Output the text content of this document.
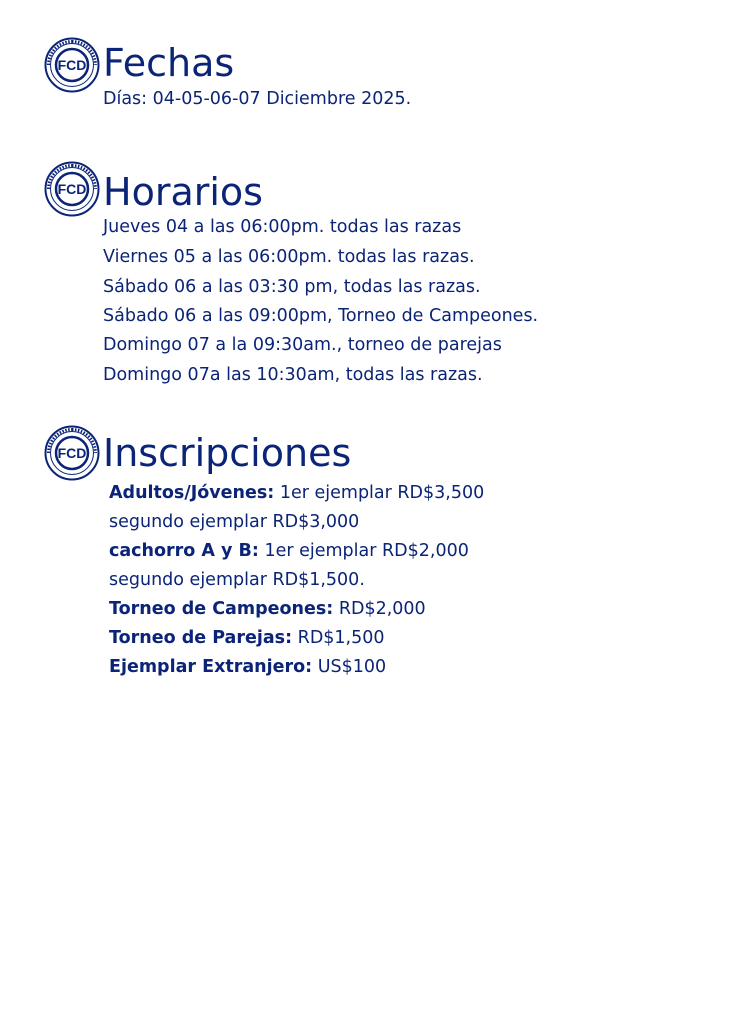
FCD Fechas
Días: 04-05-06-07 Diciembre 2025.
FCD Horarios
Jueves 04 a las 06:00pm. todas las razas
Viernes 05 a las 06:00pm. todas las razas.
Sábado 06 a las 03:30 pm, todas las razas.
Sábado 06 a las 09:00pm, Torneo de Campeones.
Domingo 07 a la 09:30am., torneo de parejas
Domingo 07a las 10:30am, todas las razas.
FCD Inscripciones
Adultos/Jóvenes: 1er ejemplar RD$3,500
segundo ejemplar RD$3,000
cachorro A y B: 1er ejemplar RD$2,000
segundo ejemplar RD$1,500.
Torneo de Campeones: RD$2,000
Torneo de Parejas: RD$1,500
Ejemplar Extranjero: US$100
